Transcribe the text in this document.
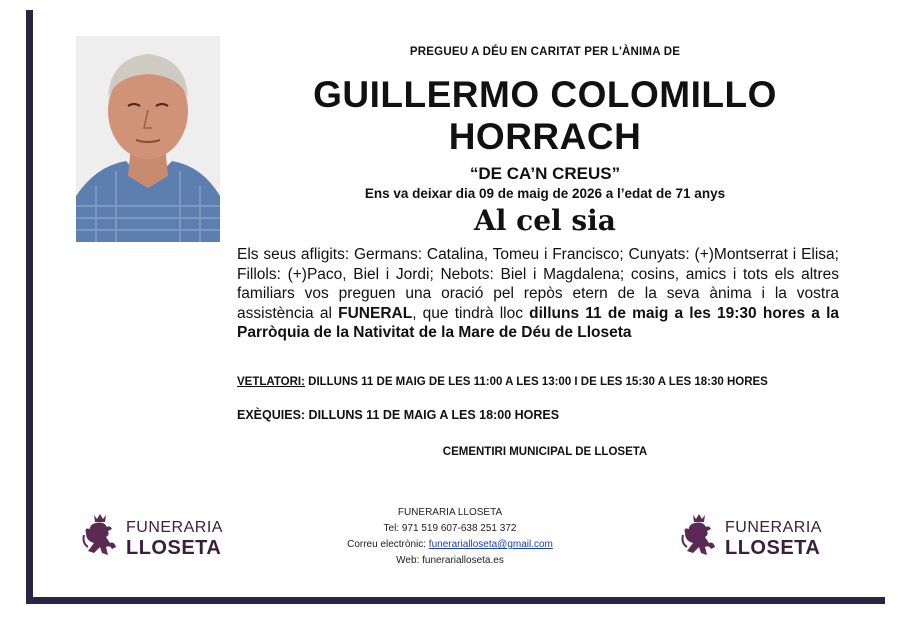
PREGUEU A DÉU EN CARITAT PER L'ÀNIMA DE
GUILLERMO COLOMILLO
HORRACH
“DE CA’N CREUS”
Ens va deixar dia 09 de maig de 2026 a l’edat de 71 anys
Al cel sia
Els seus afligits: Germans: Catalina, Tomeu i Francisco; Cunyats: (+)Montserrat i Elisa; Fillols: (+)Paco, Biel i Jordi; Nebots: Biel i Magdalena; cosins, amics i tots els altres familiars vos preguen una oració pel repòs etern de la seva ànima i la vostra assistència al FUNERAL, que tindrà lloc dilluns 11 de maig a les 19:30 hores a la Parròquia de la Nativitat de la Mare de Déu de Lloseta
VETLATORI: DILLUNS 11 DE MAIG DE LES 11:00 A LES 13:00 I DE LES 15:30 A LES 18:30 HORES
EXÈQUIES: DILLUNS 11 DE MAIG A LES 18:00 HORES
CEMENTIRI MUNICIPAL DE LLOSETA
FUNERARIA LLOSETA
Tel: 971 519 607-638 251 372
Correu electrònic: funerarialloseta@gmail.com
Web: funerarialloseta.es
FUNERARIA
LLOSETA
FUNERARIA
LLOSETA
